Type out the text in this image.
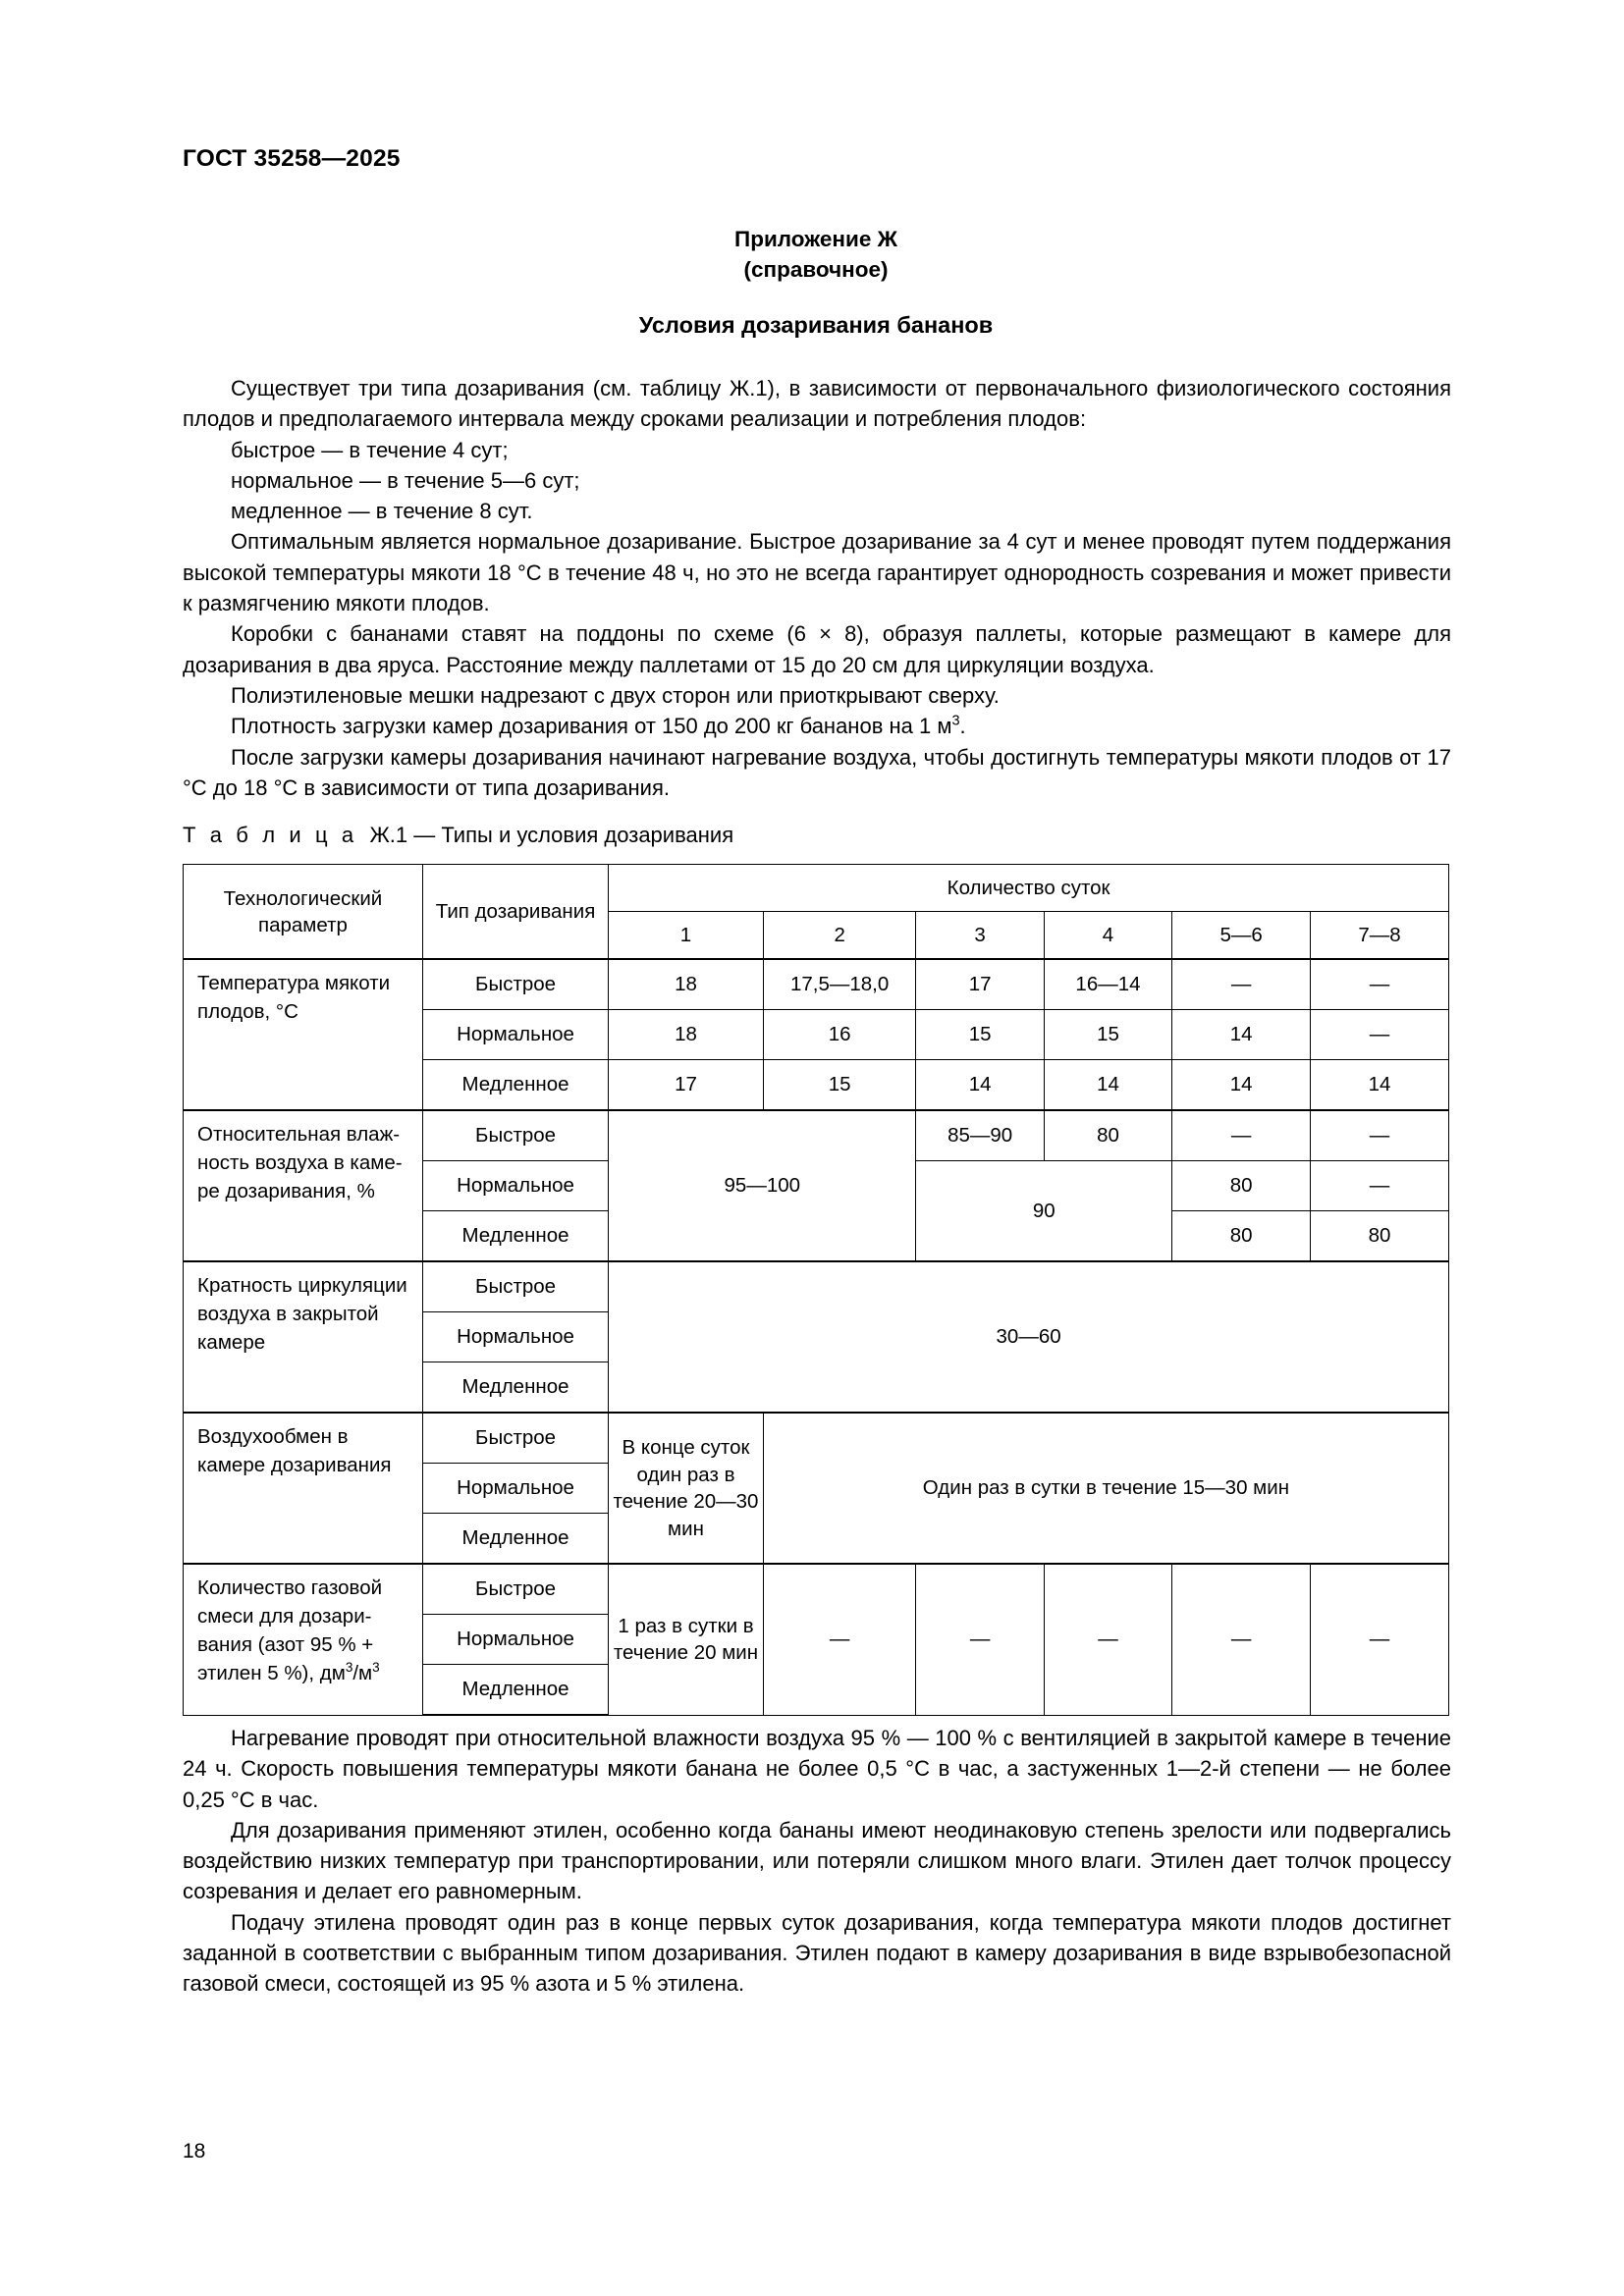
ГОСТ 35258—2025
Приложение Ж
(справочное)
Условия дозаривания бананов

Существует три типа дозаривания (см. таблицу Ж.1), в зависимости от первоначального физиологического состояния плодов и предполагаемого интервала между сроками реализации и потребления плодов:

быстрое — в течение 4 сут;

нормальное — в течение 5—6 сут;

медленное — в течение 8 сут.

Оптимальным является нормальное дозаривание. Быстрое дозаривание за 4 сут и менее проводят путем поддержания высокой температуры мякоти 18 °C в течение 48 ч, но это не всегда гарантирует однородность созревания и может привести к размягчению мякоти плодов.

Коробки с бананами ставят на поддоны по схеме (6 × 8), образуя паллеты, которые размещают в камере для дозаривания в два яруса. Расстояние между паллетами от 15 до 20 см для циркуляции воздуха.

Полиэтиленовые мешки надрезают с двух сторон или приоткрывают сверху.

Плотность загрузки камер дозаривания от 150 до 200 кг бананов на 1 $м^3$.

После загрузки камеры дозаривания начинают нагревание воздуха, чтобы достигнуть температуры мякоти плодов от 17 °C до 18 °C в зависимости от типа дозаривания.

Т а б л и ц а Ж.1 — Типы и условия дозаривания
Технологический параметр	Тип дозаривания	Количество суток					
		1	2	3	4	5—6	7—8
Температура мякоти плодов, °C	Быстрое	18	17,5—18,0	17	16—14	—	—
	Нормальное	18	16	15	15	14	—
	Медленное	17	15	14	14	14	14
Относительная влаж- ность воздуха в каме- ре дозаривания, %	Быстрое	95—100		85—90	80	—	—
	Нормальное			90		80	—
	Медленное					80	80
Кратность циркуляции воздуха в закрытой камере	Быстрое	30—60					
	Нормальное						
	Медленное						
Воздухообмен в камере дозаривания	Быстрое	В конце суток один раз в течение 20—30 мин	Один раз в сутки в течение 15—30 мин				
	Нормальное						
	Медленное						
Количество газовой смеси для дозари- вания (азот 95 % + этилен 5 %), $дм^3/м^3$	Быстрое	1 раз в сутки в течение 20 мин	—	—	—	—	—
	Нормальное						
	Медленное						

Нагревание проводят при относительной влажности воздуха 95 % — 100 % с вентиляцией в закрытой камере в течение 24 ч. Скорость повышения температуры мякоти банана не более 0,5 °C в час, а застуженных 1—2-й степени — не более 0,25 °C в час.

Для дозаривания применяют этилен, особенно когда бананы имеют неодинаковую степень зрелости или подвергались воздействию низких температур при транспортировании, или потеряли слишком много влаги. Этилен дает толчок процессу созревания и делает его равномерным.

Подачу этилена проводят один раз в конце первых суток дозаривания, когда температура мякоти плодов достигнет заданной в соответствии с выбранным типом дозаривания. Этилен подают в камеру дозаривания в виде взрывобезопасной газовой смеси, состоящей из 95 % азота и 5 % этилена.

18
